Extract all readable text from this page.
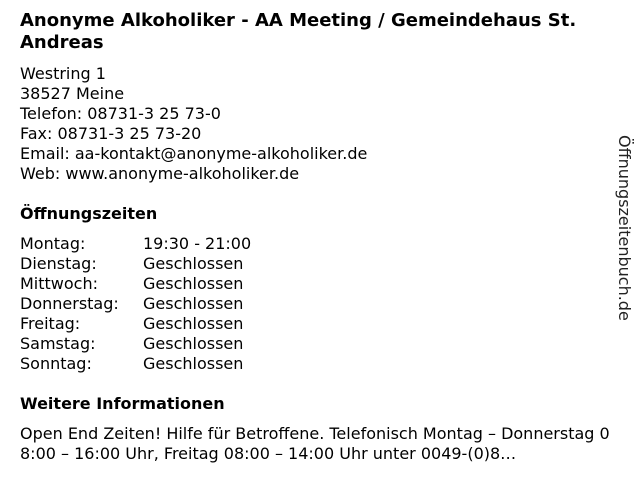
Anonyme Alkoholiker - AA Meeting / Gemeindehaus St. Andreas
Westring 1
38527 Meine
Telefon: 08731-3 25 73-0
Fax: 08731-3 25 73-20
Email: aa-kontakt@anonyme-alkoholiker.de
Web: www.anonyme-alkoholiker.de
Öffnungszeiten
Montag:	19:30 - 21:00
Dienstag:	Geschlossen
Mittwoch:	Geschlossen
Donnerstag:	Geschlossen
Freitag:	Geschlossen
Samstag:	Geschlossen
Sonntag:	Geschlossen
Weitere Informationen
Open End Zeiten! Hilfe für Betroffene. Telefonisch Montag – Donnerstag 08:00 – 16:00 Uhr, Freitag 08:00 – 14:00 Uhr unter 0049-(0)8…
Öffnungszeitenbuch.de
